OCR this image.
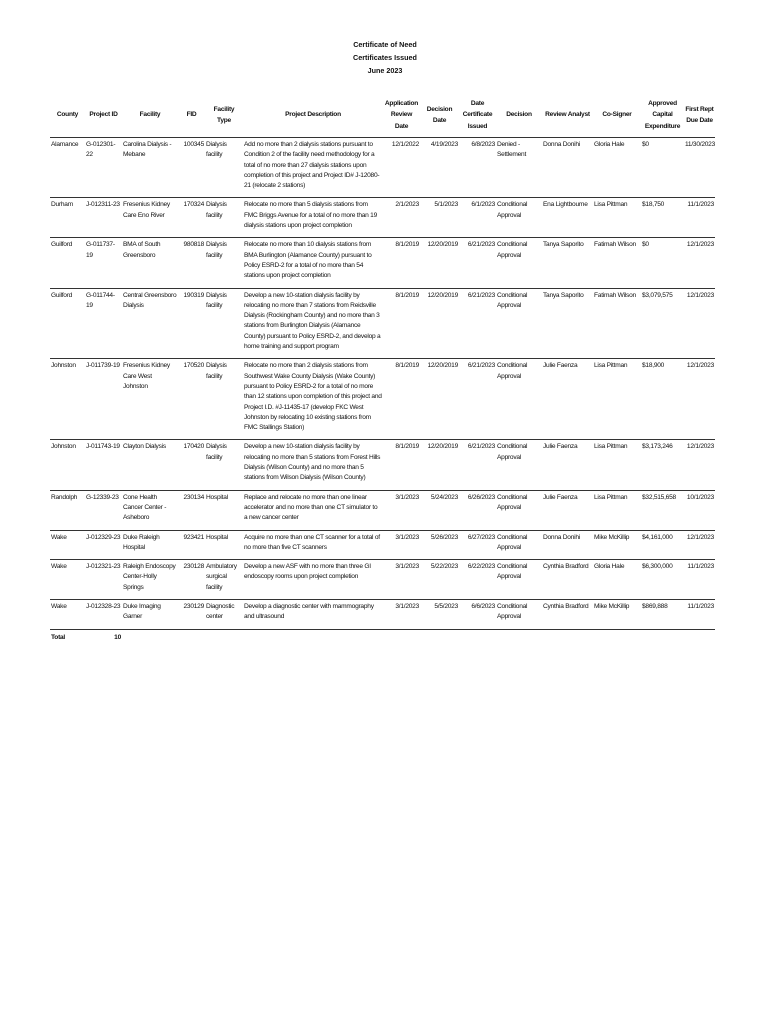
Certificate of Need
Certificates Issued
June 2023
County	Project ID	Facility	FID	Facility Type	Project Description	Application Review Date	Decision Date	Date Certificate Issued	Decision	Review Analyst	Co-Signer	Approved Capital Expenditure	First Rept Due Date
Alamance	G-012301-22	Carolina Dialysis - Mebane	100345	Dialysis facility	Add no more than 2 dialysis stations pursuant to Condition 2 of the facility need methodology for a total of no more than 27 dialysis stations upon completion of this project and Project ID# J-12080-21 (relocate 2 stations)	12/1/2022	4/19/2023	6/8/2023	Denied - Settlement	Donna Donihi	Gloria Hale	$0	11/30/2023
Durham	J-012311-23	Fresenius Kidney Care Eno River	170324	Dialysis facility	Relocate no more than 5 dialysis stations from FMC Briggs Avenue for a total of no more than 19 dialysis stations upon project completion	2/1/2023	5/1/2023	6/1/2023	Conditional Approval	Ena Lightbourne	Lisa Pittman	$18,750	11/1/2023
Guilford	G-011737-19	BMA of South Greensboro	980818	Dialysis facility	Relocate no more than 10 dialysis stations from BMA Burlington (Alamance County) pursuant to Policy ESRD-2 for a total of no more than 54 stations upon project completion	8/1/2019	12/20/2019	6/21/2023	Conditional Approval	Tanya Saporito	Fatimah Wilson	$0	12/1/2023
Guilford	G-011744-19	Central Greensboro Dialysis	190319	Dialysis facility	Develop a new 10-station dialysis facility by relocating no more than 7 stations from Reidsville Dialysis (Rockingham County) and no more than 3 stations from Burlington Dialysis (Alamance County) pursuant to Policy ESRD-2, and develop a home training and support program	8/1/2019	12/20/2019	6/21/2023	Conditional Approval	Tanya Saporito	Fatimah Wilson	$3,079,575	12/1/2023
Johnston	J-011739-19	Fresenius Kidney Care West Johnston	170520	Dialysis facility	Relocate no more than 2 dialysis stations from Southwest Wake County Dialysis (Wake County) pursuant to Policy ESRD-2 for a total of no more than 12 stations upon completion of this project and Project I.D. #J-11435-17 (develop FKC West Johnston by relocating 10 existing stations from FMC Stallings Station)	8/1/2019	12/20/2019	6/21/2023	Conditional Approval	Julie Faenza	Lisa Pittman	$18,900	12/1/2023
Johnston	J-011743-19	Clayton Dialysis	170420	Dialysis facility	Develop a new 10-station dialysis facility by relocating no more than 5 stations from Forest Hills Dialysis (Wilson County) and no more than 5 stations from Wilson Dialysis (Wilson County)	8/1/2019	12/20/2019	6/21/2023	Conditional Approval	Julie Faenza	Lisa Pittman	$3,173,246	12/1/2023
Randolph	G-12339-23	Cone Health Cancer Center - Asheboro	230134	Hospital	Replace and relocate no more than one linear accelerator and no more than one CT simulator to a new cancer center	3/1/2023	5/24/2023	6/26/2023	Conditional Approval	Julie Faenza	Lisa Pittman	$32,515,658	10/1/2023
Wake	J-012329-23	Duke Raleigh Hospital	923421	Hospital	Acquire no more than one CT scanner for a total of no more than five CT scanners	3/1/2023	5/26/2023	6/27/2023	Conditional Approval	Donna Donihi	Mike McKillip	$4,161,000	12/1/2023
Wake	J-012321-23	Raleigh Endoscopy Center-Holly Springs	230128	Ambulatory surgical facility	Develop a new ASF with no more than three GI endoscopy rooms upon project completion	3/1/2023	5/22/2023	6/22/2023	Conditional Approval	Cynthia Bradford	Gloria Hale	$6,300,000	11/1/2023
Wake	J-012328-23	Duke Imaging Garner	230129	Diagnostic center	Develop a diagnostic center with mammography and ultrasound	3/1/2023	5/5/2023	6/6/2023	Conditional Approval	Cynthia Bradford	Mike McKillip	$869,888	11/1/2023
Total	10												
